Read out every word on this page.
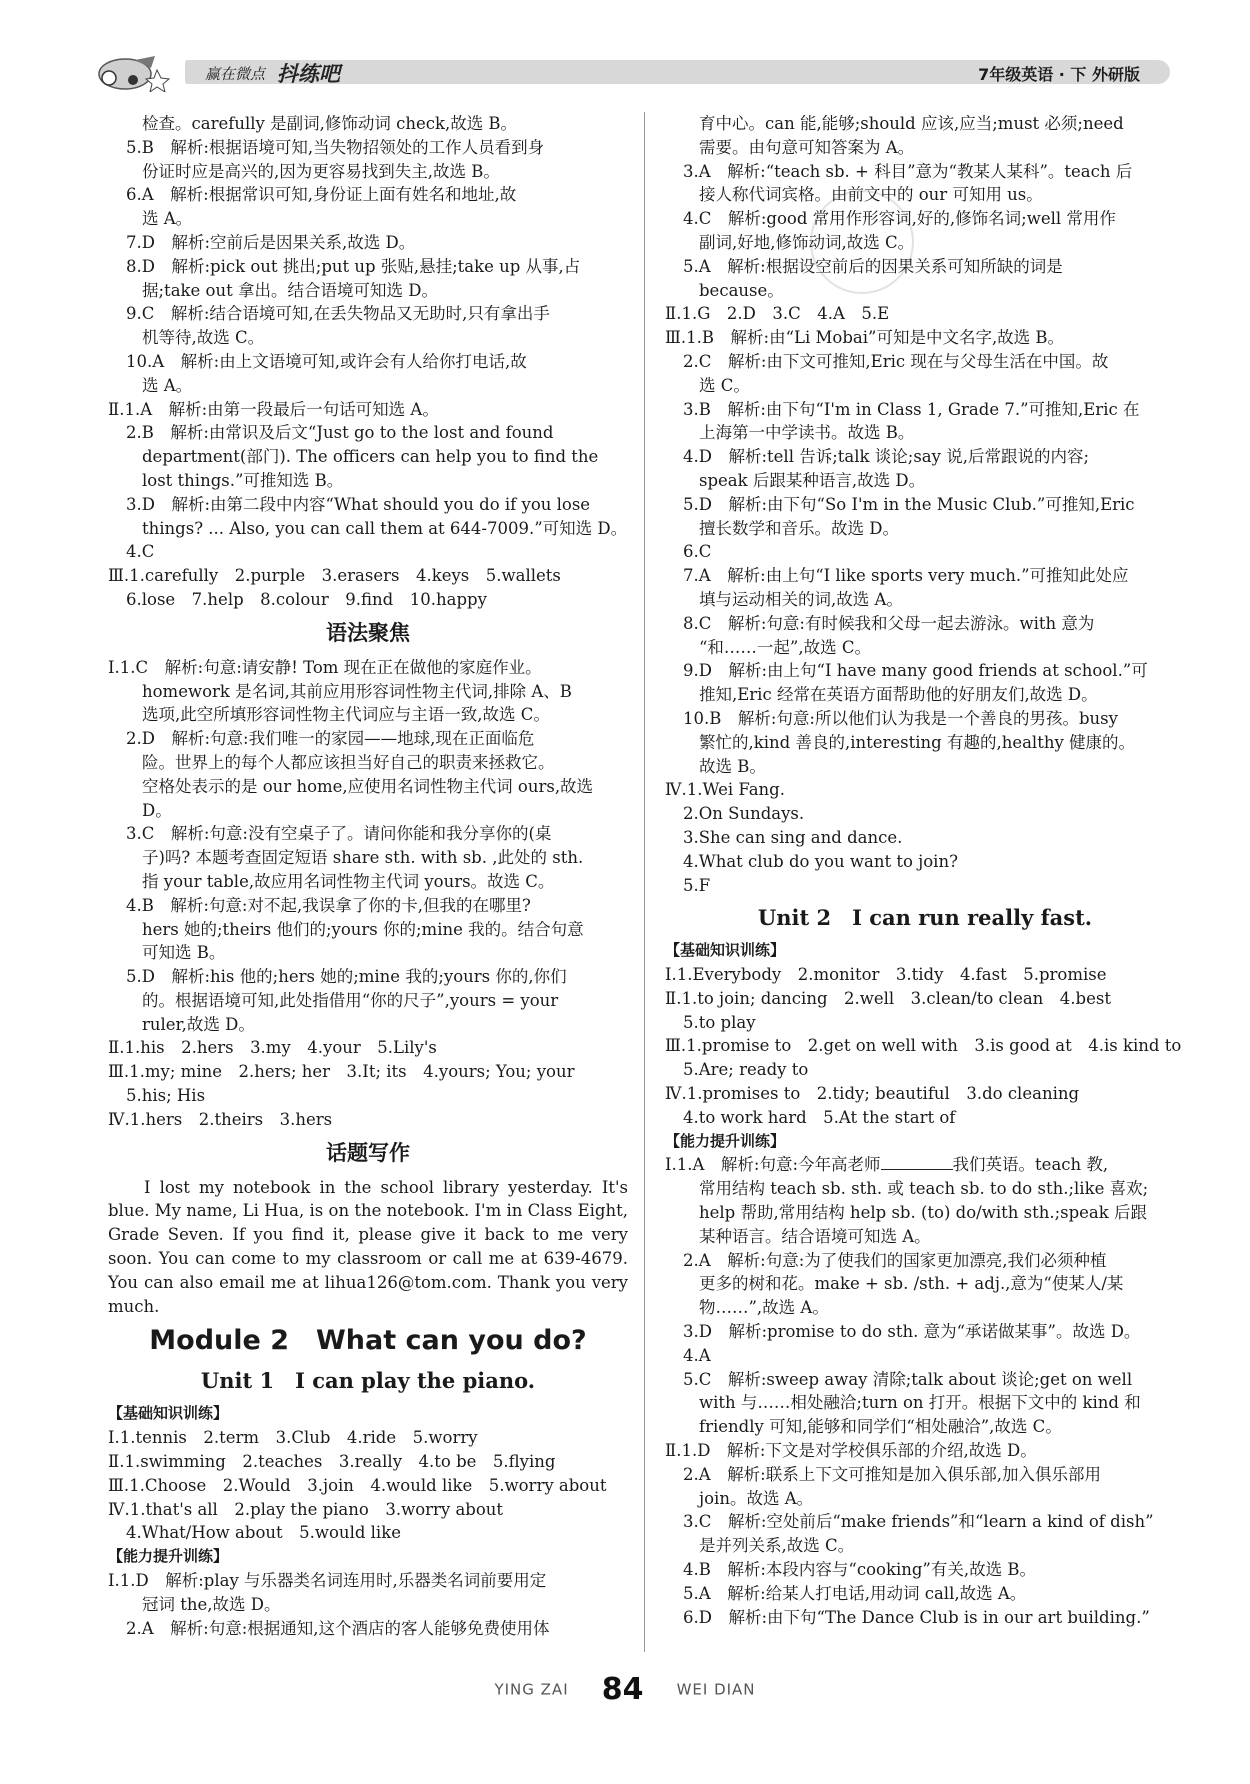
赢在微点 抖练吧	7年级英语 · 下 外研版
检查。carefully 是副词,修饰动词 check,故选 B。
5.B　解析:根据语境可知,当失物招领处的工作人员看到身
份证时应是高兴的,因为更容易找到失主,故选 B。
6.A　解析:根据常识可知,身份证上面有姓名和地址,故
选 A。
7.D　解析:空前后是因果关系,故选 D。
8.D　解析:pick out 挑出;put up 张贴,悬挂;take up 从事,占
据;take out 拿出。结合语境可知选 D。
9.C　解析:结合语境可知,在丢失物品又无助时,只有拿出手
机等待,故选 C。
10.A　解析:由上文语境可知,或许会有人给你打电话,故
选 A。
Ⅱ.1.A　解析:由第一段最后一句话可知选 A。
2.B　解析:由常识及后文“Just go to the lost and found
department(部门). The officers can help you to find the
lost things.”可推知选 B。
3.D　解析:由第二段中内容“What should you do if you lose
things? ... Also, you can call them at 644-7009.”可知选 D。
4.C
Ⅲ.1.carefully　2.purple　3.erasers　4.keys　5.wallets
6.lose　7.help　8.colour　9.find　10.happy
语法聚焦
Ⅰ.1.C　解析:句意:请安静! Tom 现在正在做他的家庭作业。
homework 是名词,其前应用形容词性物主代词,排除 A、B
选项,此空所填形容词性物主代词应与主语一致,故选 C。
2.D　解析:句意:我们唯一的家园——地球,现在正面临危
险。世界上的每个人都应该担当好自己的职责来拯救它。
空格处表示的是 our home,应使用名词性物主代词 ours,故选
D。
3.C　解析:句意:没有空桌子了。请问你能和我分享你的(桌
子)吗? 本题考查固定短语 share sth. with sb. ,此处的 sth.
指 your table,故应用名词性物主代词 yours。故选 C。
4.B　解析:句意:对不起,我误拿了你的卡,但我的在哪里?
hers 她的;theirs 他们的;yours 你的;mine 我的。结合句意
可知选 B。
5.D　解析:his 他的;hers 她的;mine 我的;yours 你的,你们
的。根据语境可知,此处指借用“你的尺子”,yours = your
ruler,故选 D。
Ⅱ.1.his　2.hers　3.my　4.your　5.Lily's
Ⅲ.1.my; mine　2.hers; her　3.It; its　4.yours; You; your
5.his; His
Ⅳ.1.hers　2.theirs　3.hers
话题写作
I lost my notebook in the school library yesterday. It's blue. My name, Li Hua, is on the notebook. I'm in Class Eight, Grade Seven. If you find it, please give it back to me very soon. You can come to my classroom or call me at 639-4679. You can also email me at lihua126@tom.com. Thank you very much.
Module 2　What can you do?
Unit 1　I can play the piano.
【基础知识训练】
Ⅰ.1.tennis　2.term　3.Club　4.ride　5.worry
Ⅱ.1.swimming　2.teaches　3.really　4.to be　5.flying
Ⅲ.1.Choose　2.Would　3.join　4.would like　5.worry about
Ⅳ.1.that's all　2.play the piano　3.worry about
4.What/How about　5.would like
【能力提升训练】
Ⅰ.1.D　解析:play 与乐器类名词连用时,乐器类名词前要用定
冠词 the,故选 D。
2.A　解析:句意:根据通知,这个酒店的客人能够免费使用体
育中心。can 能,能够;should 应该,应当;must 必须;need
需要。由句意可知答案为 A。
3.A　解析:“teach sb. + 科目”意为“教某人某科”。teach 后
接人称代词宾格。由前文中的 our 可知用 us。
4.C　解析:good 常用作形容词,好的,修饰名词;well 常用作
副词,好地,修饰动词,故选 C。
5.A　解析:根据设空前后的因果关系可知所缺的词是
because。
Ⅱ.1.G　2.D　3.C　4.A　5.E
Ⅲ.1.B　解析:由“Li Mobai”可知是中文名字,故选 B。
2.C　解析:由下文可推知,Eric 现在与父母生活在中国。故
选 C。
3.B　解析:由下句“I'm in Class 1, Grade 7.”可推知,Eric 在
上海第一中学读书。故选 B。
4.D　解析:tell 告诉;talk 谈论;say 说,后常跟说的内容;
speak 后跟某种语言,故选 D。
5.D　解析:由下句“So I'm in the Music Club.”可推知,Eric
擅长数学和音乐。故选 D。
6.C
7.A　解析:由上句“I like sports very much.”可推知此处应
填与运动相关的词,故选 A。
8.C　解析:句意:有时候我和父母一起去游泳。with 意为
“和……一起”,故选 C。
9.D　解析:由上句“I have many good friends at school.”可
推知,Eric 经常在英语方面帮助他的好朋友们,故选 D。
10.B　解析:句意:所以他们认为我是一个善良的男孩。busy
繁忙的,kind 善良的,interesting 有趣的,healthy 健康的。
故选 B。
Ⅳ.1.Wei Fang.
2.On Sundays.
3.She can sing and dance.
4.What club do you want to join?
5.F
Unit 2　I can run really fast.
【基础知识训练】
Ⅰ.1.Everybody　2.monitor　3.tidy　4.fast　5.promise
Ⅱ.1.to join; dancing　2.well　3.clean/to clean　4.best
5.to play
Ⅲ.1.promise to　2.get on well with　3.is good at　4.is kind to
5.Are; ready to
Ⅳ.1.promises to　2.tidy; beautiful　3.do cleaning
4.to work hard　5.At the start of
【能力提升训练】
Ⅰ.1.A　解析:句意:今年高老师	我们英语。teach 教,
常用结构 teach sb. sth. 或 teach sb. to do sth.;like 喜欢;
help 帮助,常用结构 help sb. (to) do/with sth.;speak 后跟
某种语言。结合语境可知选 A。
2.A　解析:句意:为了使我们的国家更加漂亮,我们必须种植
更多的树和花。make + sb. /sth. + adj.,意为“使某人/某
物……”,故选 A。
3.D　解析:promise to do sth. 意为“承诺做某事”。故选 D。
4.A
5.C　解析:sweep away 清除;talk about 谈论;get on well
with 与……相处融洽;turn on 打开。根据下文中的 kind 和
friendly 可知,能够和同学们“相处融洽”,故选 C。
Ⅱ.1.D　解析:下文是对学校俱乐部的介绍,故选 D。
2.A　解析:联系上下文可推知是加入俱乐部,加入俱乐部用
join。故选 A。
3.C　解析:空处前后“make friends”和“learn a kind of dish”
是并列关系,故选 C。
4.B　解析:本段内容与“cooking”有关,故选 B。
5.A　解析:给某人打电话,用动词 call,故选 A。
6.D　解析:由下句“The Dance Club is in our art building.”
YING ZAI 84 WEI DIAN
